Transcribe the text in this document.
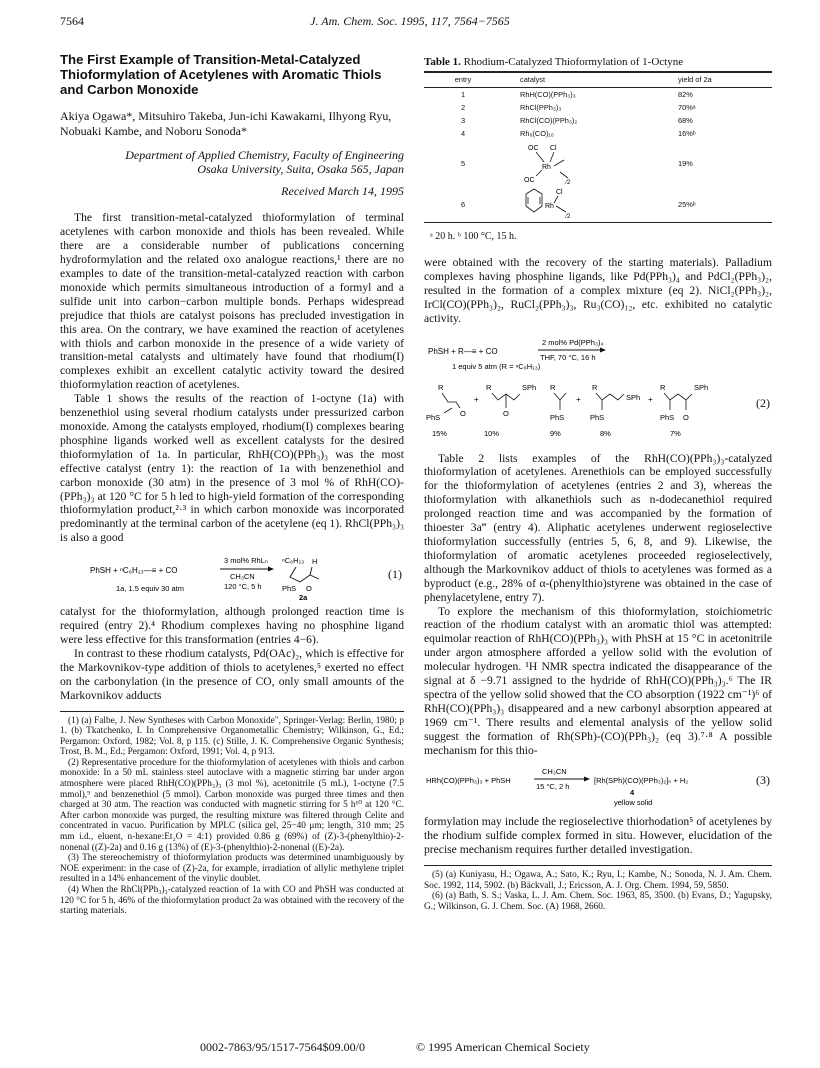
7564	J. Am. Chem. Soc. 1995, 117, 7564−7565
The First Example of Transition-Metal-Catalyzed Thioformylation of Acetylenes with Aromatic Thiols and Carbon Monoxide
Akiya Ogawa*, Mitsuhiro Takeba, Jun-ichi Kawakami, Ilhyong Ryu, Nobuaki Kambe, and Noboru Sonoda*
Department of Applied Chemistry, Faculty of Engineering
Osaka University, Suita, Osaka 565, Japan
Received March 14, 1995

The first transition-metal-catalyzed thioformylation of terminal acetylenes with carbon monoxide and thiols has been revealed. While there are a considerable number of publications concerning hydroformylation and the related oxo analogue reactions,¹ there are no examples to date of the transition-metal-catalyzed reaction with carbon monoxide which permits simultaneous introduction of a formyl and a sulfide unit into carbon−carbon multiple bonds. Perhaps widespread prejudice that thiols are catalyst poisons has precluded investigation in this area. On the contrary, we have examined the reaction of acetylenes with thiols and carbon monoxide in the presence of a wide variety of transition-metal catalysts and ultimately have found that rhodium(I) complexes exhibit an excellent catalytic activity toward the desired thioformylation reaction of acetylenes.

Table 1 shows the results of the reaction of 1-octyne (1a) with benzenethiol using several rhodium catalysts under pressurized carbon monoxide. Among the catalysts employed, rhodium(I) complexes bearing phosphine ligands worked well as excellent catalysts for the desired thioformylation of 1a. In particular, RhH(CO)(PPh₃)₃ was the most effective catalyst (entry 1): the reaction of 1a with benzenethiol and carbon monoxide (30 atm) in the presence of 3 mol % of RhH(CO)-(PPh₃)₃ at 120 °C for 5 h led to high-yield formation of the corresponding thioformylation product,²·³ in which carbon monoxide was incorporated predominantly at the terminal carbon of the acetylene (eq 1). RhCl(PPh₃)₃ is also a good

PhSH + ⁿC₆H₁₃—≡ + CO
1a, 1.5 equiv 30 atm
3 mol% RhLₙ
CH₃CN
120 °C, 5 h
ⁿC₆H₁₃ H
PhS O
2a
(1)

catalyst for the thioformylation, although prolonged reaction time is required (entry 2).⁴ Rhodium complexes having no phosphine ligand were less effective for this transformation (entries 4−6).

In contrast to these rhodium catalysts, Pd(OAc)₂, which is effective for the Markovnikov-type addition of thiols to acetylenes,⁵ exerted no effect on the carbonylation (in the presence of CO, only small amounts of the Markovnikov adducts

(1) (a) Falbe, J. New Syntheses with Carbon Monoxide", Springer-Verlag: Berlin, 1980; p 1. (b) Tkatchenko, I. In Comprehensive Organometallic Chemistry; Wilkinson, G., Ed.; Pergamon: Oxford, 1982; Vol. 8, p 115. (c) Stille, J. K. Comprehensive Organic Synthesis; Trost, B. M., Ed.; Pergamon: Oxford, 1991; Vol. 4, p 913.

(2) Representative procedure for the thioformylation of acetylenes with thiols and carbon monoxide: In a 50 mL stainless steel autoclave with a magnetic stirring bar under argon atmosphere were placed RhH(CO)(PPh₃)₃ (3 mol %), acetonitrile (5 mL), 1-octyne (7.5 mmol),⁹ and benzenethiol (5 mmol). Carbon monoxide was purged three times and then charged at 30 atm. The reaction was conducted with magnetic stirring for 5 h¹⁰ at 120 °C. After carbon monoxide was purged, the resulting mixture was filtered through Celite and concentrated in vacuo. Purification by MPLC (silica gel, 25−40 μm; length, 310 mm; 25 mm i.d., eluent, n-hexane:Et₂O = 4:1) provided 0.86 g (69%) of (Z)-3-(phenylthio)-2-nonenal ((Z)-2a) and 0.16 g (13%) of (E)-3-(phenylthio)-2-nonenal ((E)-2a).

(3) The stereochemistry of thioformylation products was determined unambiguously by NOE experiment: in the case of (Z)-2a, for example, irradiation of allylic methylene triplet resulted in a 14% enhancement of the vinylic doublet.

(4) When the RhCl(PPh₃)₃-catalyzed reaction of 1a with CO and PhSH was conducted at 120 °C for 5 h, 46% of the thioformylation product 2a was obtained with the recovery of the starting materials.

Table 1. Rhodium-Catalyzed Thioformylation of 1-Octyne
entry	catalyst	yield of 2a
1	RhH(CO)(PPh₃)₃	82%
2	RhCl(PPh₃)₃	70%ᵃ
3	RhCl(CO)(PPh₃)₂	68%
4	Rh₆(CO)₁₆	16%ᵇ
5	OC Cl
Rh
⁄2
OC	19%
6	Cl
Rh
⁄2	25%ᵇ
ᵃ 20 h. ᵇ 100 °C, 15 h.

were obtained with the recovery of the starting materials). Palladium complexes having phosphine ligands, like Pd(PPh₃)₄ and PdCl₂(PPh₃)₂, resulted in the formation of a complex mixture (eq 2). NiCl₂(PPh₃)₂, IrCl(CO)(PPh₃)₂, RuCl₂(PPh₃)₃, Ru₃(CO)₁₂, etc. exhibited no catalytic activity.

PhSH + R—≡ + CO
1 equiv 5 atm (R = ⁿC₆H₁₃)
2 mol% Pd(PPh₃)₄
THF, 70 °C, 16 h
R
PhS	O
+
R
O
SPh R
PhS
+
R
PhS
SPh +
R
PhS O
SPh
15%	10%	9%	8%	7%
(2)

Table 2 lists examples of the RhH(CO)(PPh₃)₃-catalyzed thioformylation of acetylenes. Arenethiols can be employed successfully for the thioformylation of acetylenes (entries 2 and 3), whereas the thioformylation with alkanethiols such as n-dodecanethiol required prolonged reaction time and was accompanied by the formation of thioester 3a‴ (entry 4). Aliphatic acetylenes underwent regioselective thioformylation successfully (entries 5, 6, 8, and 9). Likewise, the thioformylation of aromatic acetylenes proceeded regioselectively, although the Markovnikov adduct of thiols to acetylenes was formed as a byproduct (e.g., 28% of α-(phenylthio)styrene was obtained in the case of phenylacetylene, entry 7).

To explore the mechanism of this thioformylation, stoichiometric reaction of the rhodium catalyst with an aromatic thiol was attempted: equimolar reaction of RhH(CO)(PPh₃)₃ with PhSH at 15 °C in acetonitrile under argon atmosphere afforded a yellow solid with the evolution of molecular hydrogen. ¹H NMR spectra indicated the disappearance of the signal at δ −9.71 assigned to the hydride of RhH(CO)(PPh₃)₃.⁶ The IR spectra of the yellow solid showed that the CO absorption (1922 cm⁻¹)⁶ of RhH(CO)(PPh₃)₃ disappeared and a new carbonyl absorption appeared at 1969 cm⁻¹. There results and elemental analysis of the yellow solid suggest the formation of Rh(SPh)-(CO)(PPh₃)₂ (eq 3).⁷·⁸ A possible mechanism for this thio-

HRh(CO)(PPh₃)₃ + PhSH
CH₃CN
15 °C, 2 h
[Rh(SPh)(CO)(PPh₃)₂]ₙ + H₂
4
yellow solid
(3)

formylation may include the regioselective thiorhodation⁵ of acetylenes by the rhodium sulfide complex formed in situ. However, elucidation of the precise mechanism requires further detailed investigation.

(5) (a) Kuniyasu, H.; Ogawa, A.; Sato, K.; Ryu, I.; Kambe, N.; Sonoda, N. J. Am. Chem. Soc. 1992, 114, 5902. (b) Bäckvall, J.; Ericsson, A. J. Org. Chem. 1994, 59, 5850.

(6) (a) Bath, S. S.; Vaska, L. J. Am. Chem. Soc. 1963, 85, 3500. (b) Evans, D.; Yagupsky, G.; Wilkinson, G. J. Chem. Soc. (A) 1968, 2660.

0002-7863/95/1517-7564$09.00/0	© 1995 American Chemical Society
